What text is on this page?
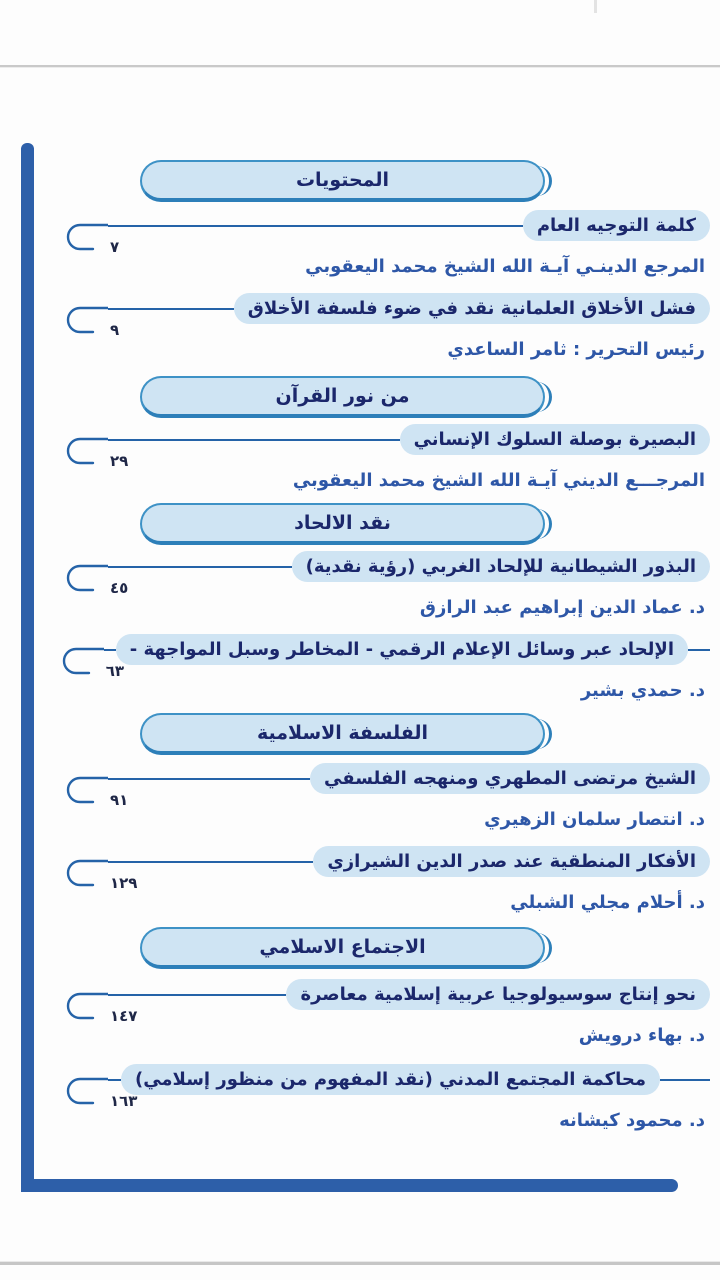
المحتويات
كلمة التوجيه العام
٧
المرجع الدينـي آيـة الله الشيخ محمد اليعقوبي
فشل الأخلاق العلمانية نقد في ضوء فلسفة الأخلاق
٩
رئيس التحرير : ثامر الساعدي
من نور القرآن
البصيرة بوصلة السلوك الإنساني
٢٩
المرجـــع الديني آيـة الله الشيخ محمد اليعقوبي
نقد الالحاد
البذور الشيطانية للإلحاد الغربي (رؤية نقدية)
٤٥
د. عماد الدين إبراهيم عبد الرازق
الإلحاد عبر وسائل الإعلام الرقمي - المخاطر وسبل المواجهة -
٦٣
د. حمدي بشير
الفلسفة الاسلامية
الشيخ مرتضى المطهري ومنهجه الفلسفي
٩١
د. انتصار سلمان الزهيري
الأفكار المنطقية عند صدر الدين الشيرازي
١٢٩
د. أحلام مجلي الشبلي
الاجتماع الاسلامي
نحو إنتاج سوسيولوجيا عربية إسلامية معاصرة
١٤٧
د. بهاء درويش
محاكمة المجتمع المدني (نقد المفهوم من منظور إسلامي)
١٦٣
د. محمود كيشانه
